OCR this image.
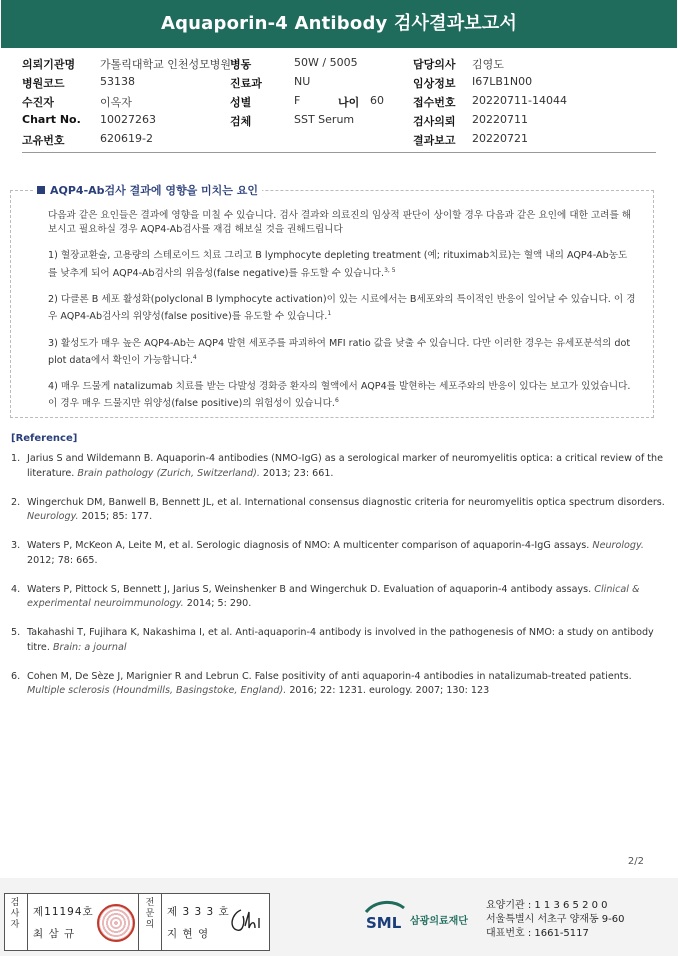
Aquaporin-4 Antibody 검사결과보고서
의뢰기관명 가톨릭대학교 인천성모병원
병동	50W / 5005	담당의사 김영도
병원코드	53138	진료과	NU	임상정보 I67LB1N00
수진자	이옥자	성별	F	나이 60	접수번호 20220711-14044
Chart No. 10027263	검체	SST Serum	검사의뢰 20220711
고유번호	620619-2	결과보고 20220721
AQP4-Ab검사 결과에 영향을 미치는 요인

다음과 같은 요인들은 결과에 영향을 미칠 수 있습니다. 검사 결과와 의료진의 임상적 판단이 상이할 경우 다음과 같은 요인에 대한 고려를 해 보시고 필요하실 경우 AQP4-Ab검사를 재검 해보실 것을 권해드립니다

1) 혈장교환술, 고용량의 스테로이드 치료 그리고 B lymphocyte depleting treatment (예; rituximab치료)는 혈액 내의 AQP4-Ab농도를 낮추게 되어 AQP4-Ab검사의 위음성(false negative)를 유도할 수 있습니다.$^{3, 5}$

2) 다클론 B 세포 활성화(polyclonal B lymphocyte activation)이 있는 시료에서는 B세포와의 특이적인 반응이 일어날 수 있습니다. 이 경우 AQP4-Ab검사의 위양성(false positive)를 유도할 수 있습니다.$^1$

3) 활성도가 매우 높은 AQP4-Ab는 AQP4 발현 세포주를 파괴하여 MFI ratio 값을 낮출 수 있습니다. 다만 이러한 경우는 유세포분석의 dot plot data에서 확인이 가능합니다.$^4$

4) 매우 드물게 natalizumab 치료를 받는 다발성 경화증 환자의 혈액에서 AQP4를 발현하는 세포주와의 반응이 있다는 보고가 있었습니다. 이 경우 매우 드물지만 위양성(false positive)의 위험성이 있습니다.$^6$

[Reference]
1. Jarius S and Wildemann B. Aquaporin-4 antibodies (NMO-IgG) as a serological marker of neuromyelitis optica: a critical review of the literature. Brain pathology (Zurich, Switzerland). 2013; 23: 661.
2. Wingerchuk DM, Banwell B, Bennett JL, et al. International consensus diagnostic criteria for neuromyelitis optica spectrum disorders. Neurology. 2015; 85: 177.
3. Waters P, McKeon A, Leite M, et al. Serologic diagnosis of NMO: A multicenter comparison of aquaporin-4-IgG assays. Neurology. 2012; 78: 665.
4. Waters P, Pittock S, Bennett J, Jarius S, Weinshenker B and Wingerchuk D. Evaluation of aquaporin-4 antibody assays. Clinical & experimental neuroimmunology. 2014; 5: 290.
5. Takahashi T, Fujihara K, Nakashima I, et al. Anti-aquaporin-4 antibody is involved in the pathogenesis of NMO: a study on antibody titre. Brain: a journal
6. Cohen M, De Sèze J, Marignier R and Lebrun C. False positivity of anti aquaporin-4 antibodies in natalizumab-treated patients. Multiple sclerosis (Houndmills, Basingstoke, England). 2016; 22: 1231. eurology. 2007; 130: 123
2/2
검사자
제11194호
최 삼 규
전문의
제 3 3 3 호
지 현 영
SML 삼광의료재단
요양기관 : 1 1 3 6 5 2 0 0
서울특별시 서초구 양재동 9-60
대표번호 : 1661-5117
